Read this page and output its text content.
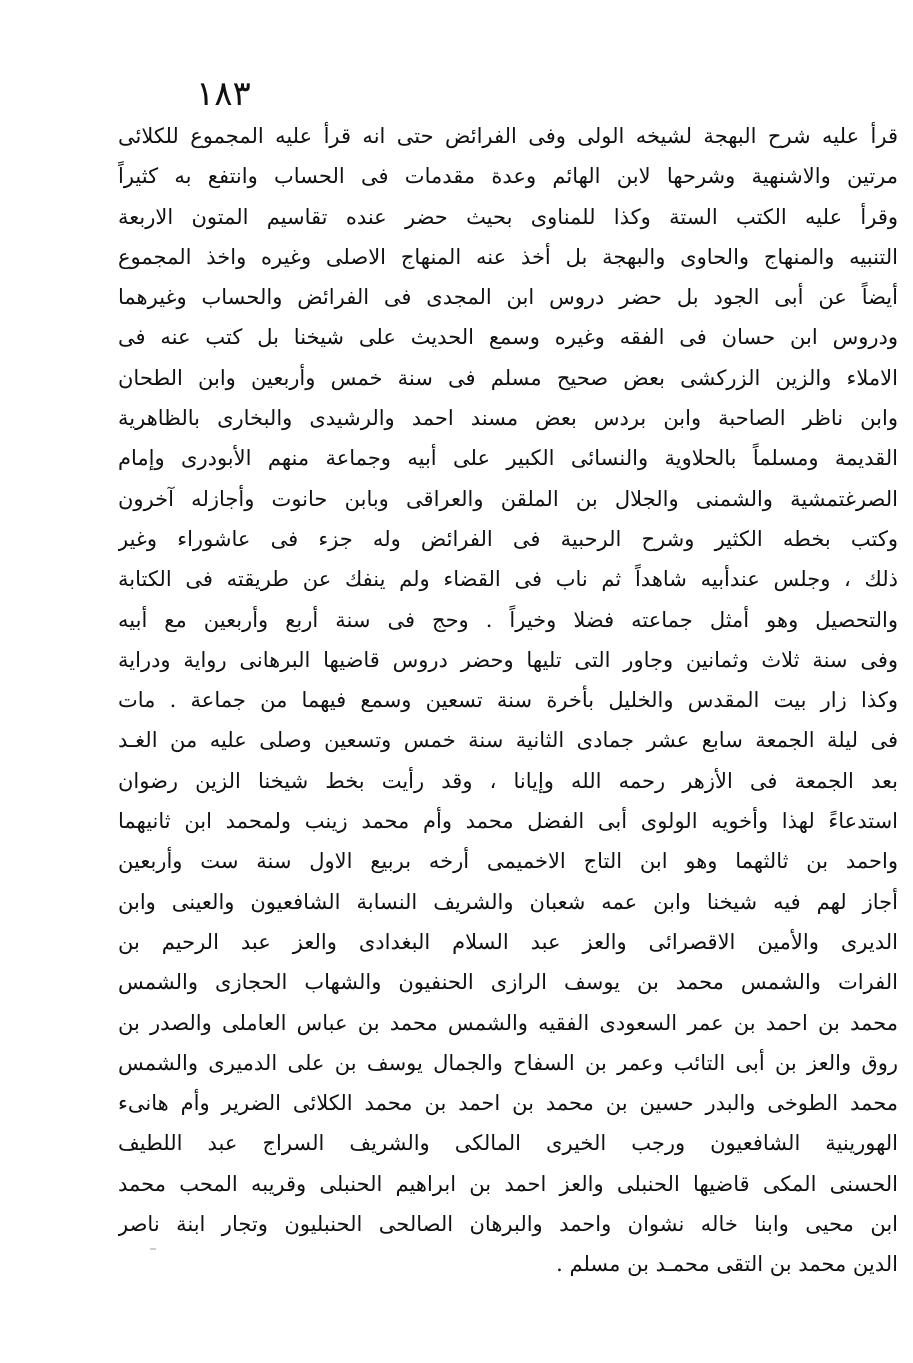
١٨٣
قرأ عليه شرح البهجة لشيخه الولى وفى الفرائض حتى انه قرأ عليه المجموع للكلائى
مرتين والاشنهية وشرحها لابن الهائم وعدة مقدمات فى الحساب وانتفع به كثيراً
وقرأ عليه الكتب الستة وكذا للمناوى بحيث حضر عنده تقاسيم المتون الاربعة
التنبيه والمنهاج والحاوى والبهجة بل أخذ عنه المنهاج الاصلى وغيره واخذ المجموع
أيضاً عن أبى الجود بل حضر دروس ابن المجدى فى الفرائض والحساب وغيرهما
ودروس ابن حسان فى الفقه وغيره وسمع الحديث على شيخنا بل كتب عنه فى
الاملاء والزين الزركشى بعض صحيح مسلم فى سنة خمس وأربعين وابن الطحان
وابن ناظر الصاحبة وابن بردس بعض مسند احمد والرشيدى والبخارى بالظاهرية
القديمة ومسلماً بالحلاوية والنسائى الكبير على أبيه وجماعة منهم الأبودرى وإمام
الصرغتمشية والشمنى والجلال بن الملقن والعراقى وبابن حانوت وأجازله آخرون
وكتب بخطه الكثير وشرح الرحبية فى الفرائض وله جزء فى عاشوراء وغير
ذلك ، وجلس عندأبيه شاهداً ثم ناب فى القضاء ولم ينفك عن طريقته فى الكتابة
والتحصيل وهو أمثل جماعته فضلا وخيراً . وحج فى سنة أربع وأربعين مع أبيه
وفى سنة ثلاث وثمانين وجاور التى تليها وحضر دروس قاضيها البرهانى رواية ودراية
وكذا زار بيت المقدس والخليل بأخرة سنة تسعين وسمع فيهما من جماعة . مات
فى ليلة الجمعة سابع عشر جمادى الثانية سنة خمس وتسعين وصلى عليه من الغـد
بعد الجمعة فى الأزهر رحمه الله وإيانا ، وقد رأيت بخط شيخنا الزين رضوان
استدعاءً لهذا وأخويه الولوى أبى الفضل محمد وأم محمد زينب ولمحمد ابن ثانيهما
واحمد بن ثالثهما وهو ابن التاج الاخميمى أرخه بربيع الاول سنة ست وأربعين
أجاز لهم فيه شيخنا وابن عمه شعبان والشريف النسابة الشافعيون والعينى وابن
الديرى والأمين الاقصرائى والعز عبد السلام البغدادى والعز عبد الرحيم بن
الفرات والشمس محمد بن يوسف الرازى الحنفيون والشهاب الحجازى والشمس
محمد بن احمد بن عمر السعودى الفقيه والشمس محمد بن عباس العاملى والصدر بن
روق والعز بن أبى التائب وعمر بن السفاح والجمال يوسف بن على الدميرى والشمس
محمد الطوخى والبدر حسين بن محمد بن احمد بن محمد الكلائى الضرير وأم هانىء
الهورينية الشافعيون ورجب الخيرى المالكى والشريف السراج عبد اللطيف
الحسنى المكى قاضيها الحنبلى والعز احمد بن ابراهيم الحنبلى وقريبه المحب محمد
ابن محيى وابنا خاله نشوان واحمد والبرهان الصالحى الحنبليون وتجار ابنة ناصر
الدين محمد بن التقى محمـد بن مسلم .
